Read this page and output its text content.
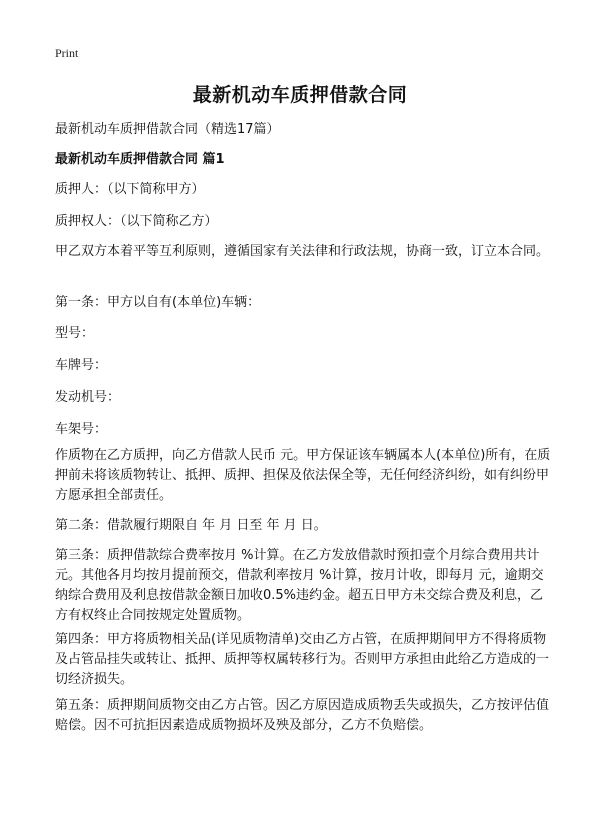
Print
最新机动车质押借款合同

最新机动车质押借款合同（精选17篇）

最新机动车质押借款合同 篇1

质押人：（以下简称甲方）

质押权人：（以下简称乙方）

甲乙双方本着平等互利原则，遵循国家有关法律和行政法规，协商一致，订立本合同。

第一条：甲方以自有(本单位)车辆：

型号：

车牌号：

发动机号：

车架号：

作质物在乙方质押，向乙方借款人民币 元。甲方保证该车辆属本人(本单位)所有，在质押前未将该质物转让、抵押、质押、担保及依法保全等，无任何经济纠纷，如有纠纷甲方愿承担全部责任。

第二条：借款履行期限自 年 月 日至 年 月 日。

第三条：质押借款综合费率按月 %计算。在乙方发放借款时预扣壹个月综合费用共计 元。其他各月均按月提前预交，借款利率按月 %计算，按月计收，即每月 元，逾期交纳综合费用及利息按借款金额日加收0.5%违约金。超五日甲方未交综合费及利息，乙方有权终止合同按规定处置质物。

第四条：甲方将质物相关品(详见质物清单)交由乙方占管，在质押期间甲方不得将质物及占管品挂失或转让、抵押、质押等权属转移行为。否则甲方承担由此给乙方造成的一切经济损失。

第五条：质押期间质物交由乙方占管。因乙方原因造成质物丢失或损失，乙方按评估值赔偿。因不可抗拒因素造成质物损坏及殃及部分，乙方不负赔偿。
